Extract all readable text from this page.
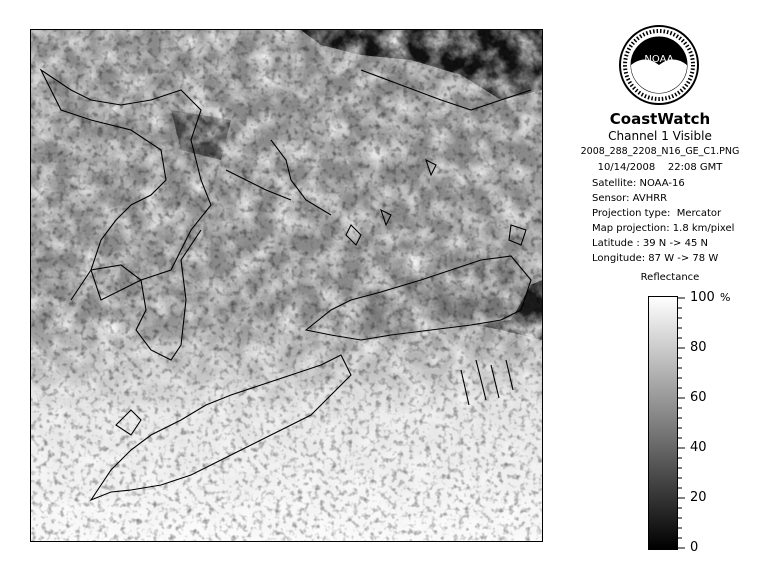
NOAA
CoastWatch
Channel 1 Visible
2008_288_2208_N16_GE_C1.PNG
10/14/2008    22:08 GMT
Satellite: NOAA-16
Sensor: AVHRR
Projection type:  Mercator
Map projection: 1.8 km/pixel
Latitude : 39 N -> 45 N
Longitude: 87 W -> 78 W
Reflectance
100
80
60
40
20
0
%
